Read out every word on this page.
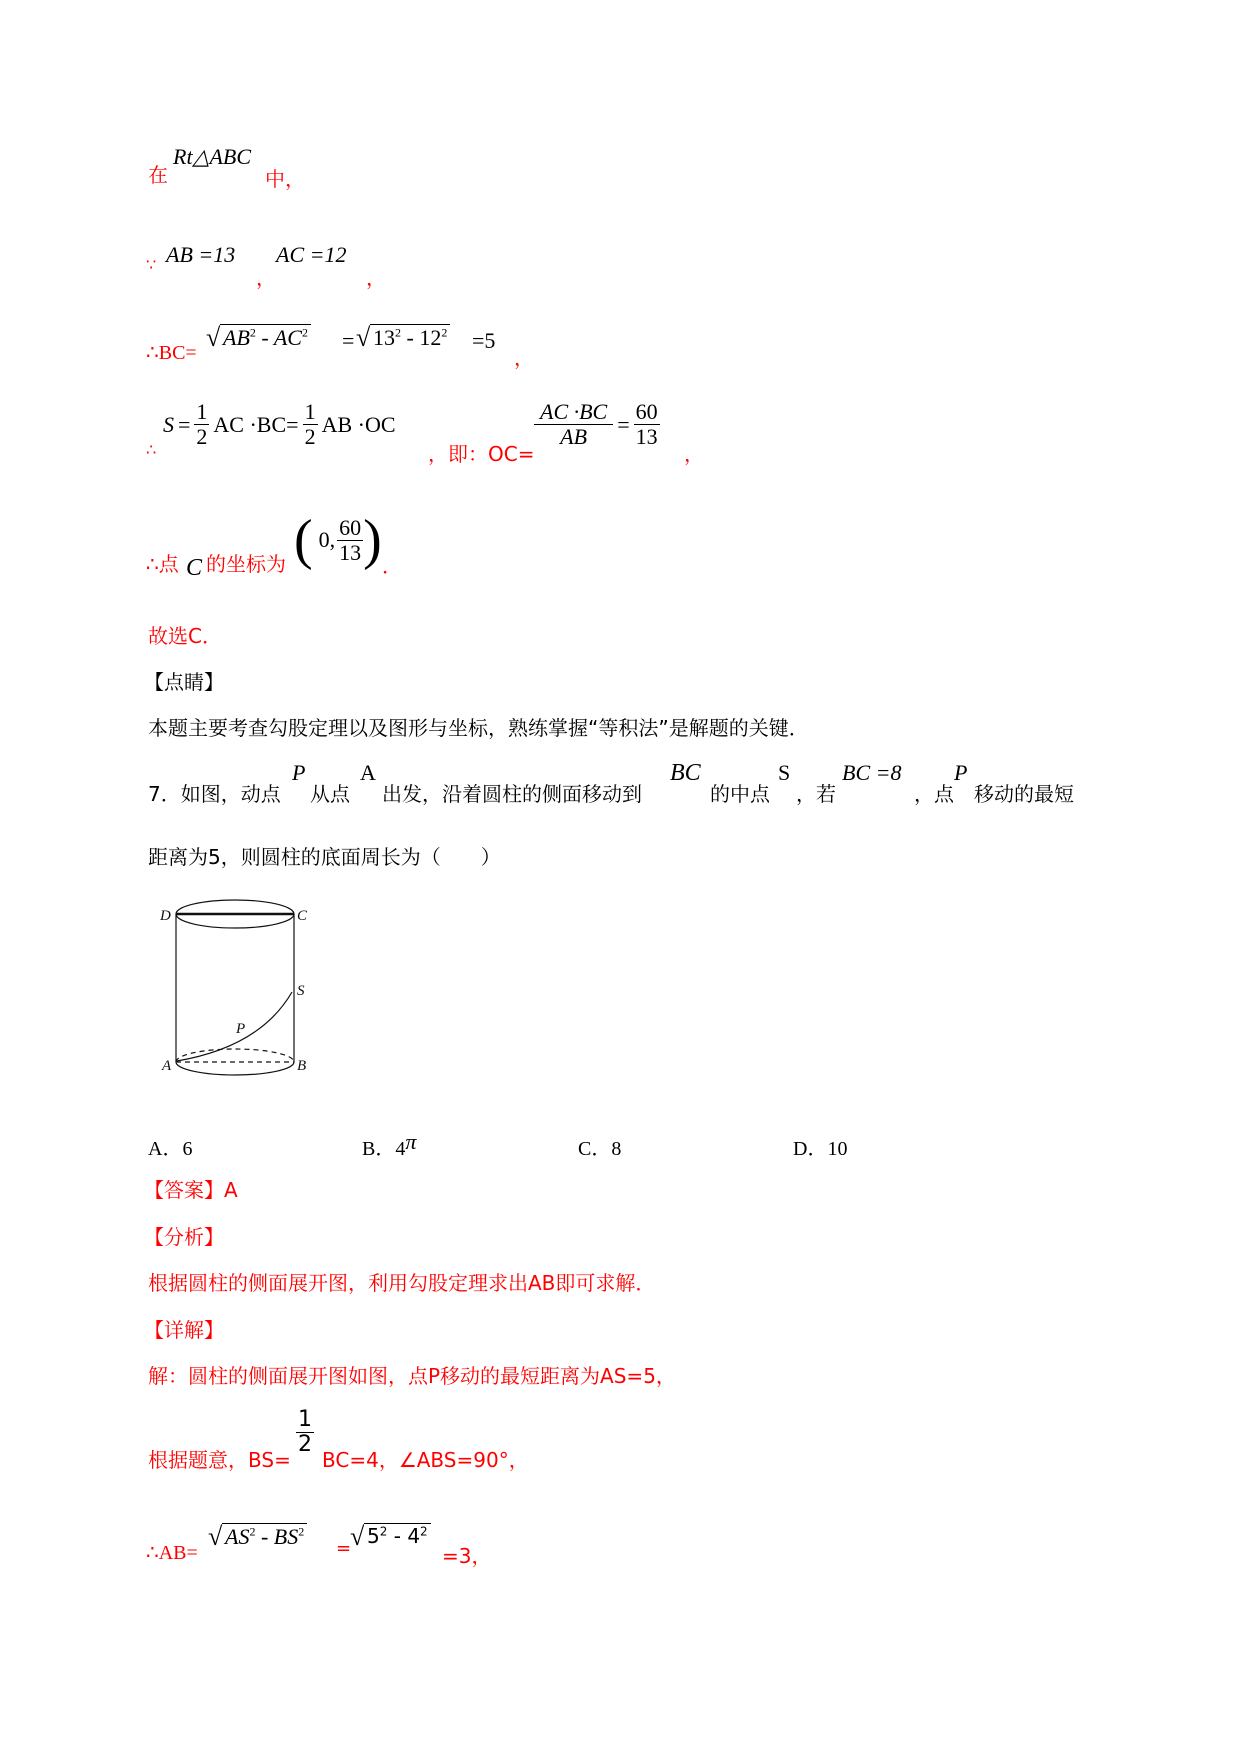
在
Rt△ABC
中，
∵ AB =13
，
AC =12
，
∴BC=
√ $AB^2 - AC^2$ = √ $13^2 - 12^2 =5$
，
∴
$S = \frac{1}{2}$ AC $\cdot BC= \frac{1}{2}$ AB ·OC
，即：OC=
$\frac{AC \cdot BC}{AB} = \frac{60}{13}$
，
∴点 C 的坐标为 ( 0, $\frac{60}{13}$ ) ．
故选C．
【点睛】
本题主要考查勾股定理以及图形与坐标，熟练掌握“等积法”是解题的关键．
7．如图，动点
P
从点
A
出发，沿着圆柱的侧面移动到
BC
的中点
S
，若
BC =8
，点
P
移动的最短
距离为5，则圆柱的底面周长为（　　）
D	C
S
P
A	B
A．6	B．4π	C．8	D．10
【答案】A
【分析】
根据圆柱的侧面展开图，利用勾股定理求出AB即可求解．
【详解】
解：圆柱的侧面展开图如图，点P移动的最短距离为AS=5，
根据题意，BS=
$\frac{1}{2}$
BC=4，∠ABS=90°，
∴AB=
√ $AS^2 - BS^2$
=
√ $5^2 - 4^2$
=3，
